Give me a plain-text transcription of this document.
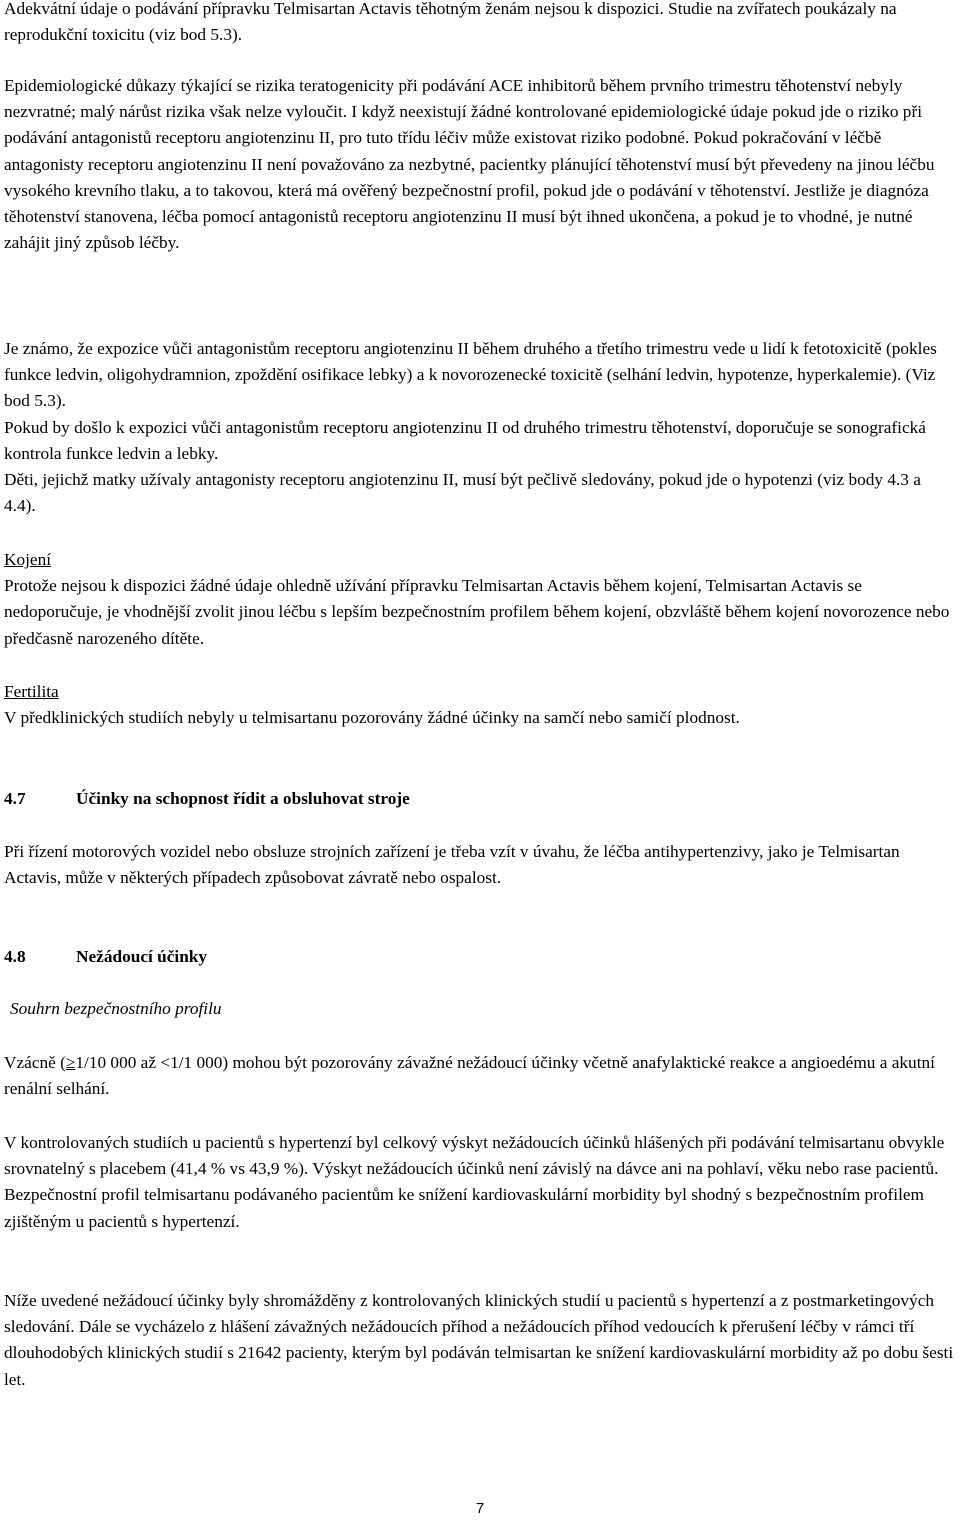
Adekvátní údaje o podávání přípravku Telmisartan Actavis těhotným ženám nejsou k dispozici. Studie na zvířatech poukázaly na reprodukční toxicitu (viz bod 5.3).

Epidemiologické důkazy týkající se rizika teratogenicity při podávání ACE inhibitorů během prvního trimestru těhotenství nebyly nezvratné; malý nárůst rizika však nelze vyloučit. I když neexistují žádné kontrolované epidemiologické údaje pokud jde o riziko při podávání antagonistů receptoru angiotenzinu II, pro tuto třídu léčiv může existovat riziko podobné. Pokud pokračování v léčbě antagonisty receptoru angiotenzinu II není považováno za nezbytné, pacientky plánující těhotenství musí být převedeny na jinou léčbu vysokého krevního tlaku, a to takovou, která má ověřený bezpečnostní profil, pokud jde o podávání v těhotenství. Jestliže je diagnóza těhotenství stanovena, léčba pomocí antagonistů receptoru angiotenzinu II musí být ihned ukončena, a pokud je to vhodné, je nutné zahájit jiný způsob léčby.

Je známo, že expozice vůči antagonistům receptoru angiotenzinu II během druhého a třetího trimestru vede u lidí k fetotoxicitě (pokles funkce ledvin, oligohydramnion, zpoždění osifikace lebky) a k novorozenecké toxicitě (selhání ledvin, hypotenze, hyperkalemie). (Viz bod 5.3).

Pokud by došlo k expozici vůči antagonistům receptoru angiotenzinu II od druhého trimestru těhotenství, doporučuje se sonografická kontrola funkce ledvin a lebky.

Děti, jejichž matky užívaly antagonisty receptoru angiotenzinu II, musí být pečlivě sledovány, pokud jde o hypotenzi (viz body 4.3 a 4.4).

Kojení

Protože nejsou k dispozici žádné údaje ohledně užívání přípravku Telmisartan Actavis během kojení, Telmisartan Actavis se nedoporučuje, je vhodnější zvolit jinou léčbu s lepším bezpečnostním profilem během kojení, obzvláště během kojení novorozence nebo předčasně narozeného dítěte.

Fertilita

V předklinických studiích nebyly u telmisartanu pozorovány žádné účinky na samčí nebo samičí plodnost.

4.7	Účinky na schopnost řídit a obsluhovat stroje

Při řízení motorových vozidel nebo obsluze strojních zařízení je třeba vzít v úvahu, že léčba antihypertenzivy, jako je Telmisartan Actavis, může v některých případech způsobovat závratě nebo ospalost.

4.8	Nežádoucí účinky

Souhrn bezpečnostního profilu

Vzácně (≥1/10 000 až <1/1 000) mohou být pozorovány závažné nežádoucí účinky včetně anafylaktické reakce a angioedému a akutní renální selhání.

V kontrolovaných studiích u pacientů s hypertenzí byl celkový výskyt nežádoucích účinků hlášených při podávání telmisartanu obvykle srovnatelný s placebem (41,4 % vs 43,9 %). Výskyt nežádoucích účinků není závislý na dávce ani na pohlaví, věku nebo rase pacientů. Bezpečnostní profil telmisartanu podávaného pacientům ke snížení kardiovaskulární morbidity byl shodný s bezpečnostním profilem zjištěným u pacientů s hypertenzí.

Níže uvedené nežádoucí účinky byly shromážděny z kontrolovaných klinických studií u pacientů s hypertenzí a z postmarketingových sledování. Dále se vycházelo z hlášení závažných nežádoucích příhod a nežádoucích příhod vedoucích k přerušení léčby v rámci tří dlouhodobých klinických studií s 21642 pacienty, kterým byl podáván telmisartan ke snížení kardiovaskulární morbidity až po dobu šesti let.

7
